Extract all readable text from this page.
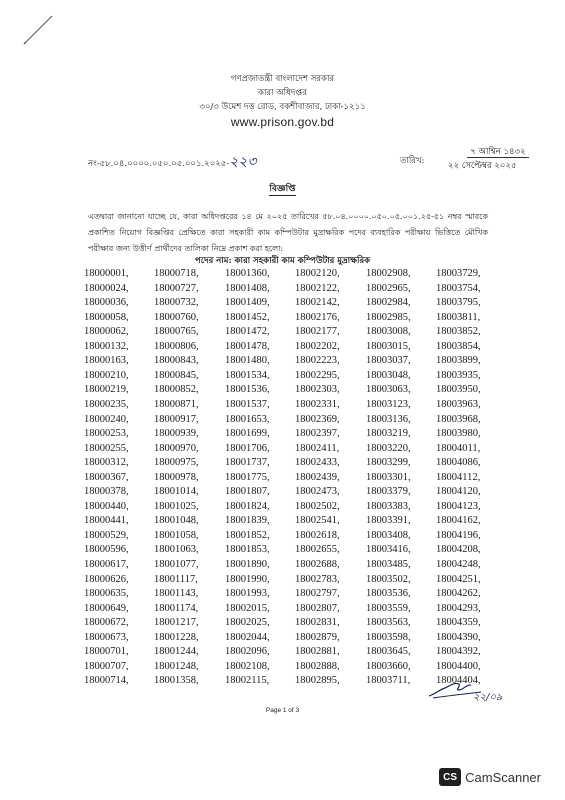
গণপ্রজাতন্ত্রী বাংলাদেশ সরকার
কারা অধিদপ্তর
৩০/৩ উমেশ দত্ত রোড, বকশীবাজার, ঢাকা-১২১১
www.prison.gov.bd
নং-৫৮.০৪.০০০০.০৫০.০৫.০০১.২০২৫-২২৩	তারিখ:
৭ আশ্বিন ১৪৩২
২২ সেপ্টেম্বর ২০২৫
বিজ্ঞপ্তি
এতদ্বারা জানানো যাচ্ছে যে, কারা অধিদপ্তরের ১৪ মে ২০২৫ তারিখের ৫৮.০৪.০০০০.০৫০.০৫.০০১.২৫-৫১ নম্বর স্মারকে প্রকাশিত নিয়োগ বিজ্ঞপ্তির প্রেক্ষিতে কারা সহকারী কাম কম্পিউটার মুদ্রাক্ষরিক পদের ব্যবহারিক পরীক্ষায় ভিত্তিতে মৌখিক পরীক্ষার জন্য উত্তীর্ণ প্রার্থীদের তালিকা নিম্নে প্রকাশ করা হলো:
পদের নাম: কারা সহকারী কাম কম্পিউটার মুদ্রাক্ষরিক
18000001,
18000024,
18000036,
18000058,
18000062,
18000132,
18000163,
18000210,
18000219,
18000235,
18000240,
18000253,
18000255,
18000312,
18000367,
18000378,
18000440,
18000441,
18000529,
18000596,
18000617,
18000626,
18000635,
18000649,
18000672,
18000673,
18000701,
18000707,
18000714,
18000718,
18000727,
18000732,
18000760,
18000765,
18000806,
18000843,
18000845,
18000852,
18000871,
18000917,
18000939,
18000970,
18000975,
18000978,
18001014,
18001025,
18001048,
18001058,
18001063,
18001077,
18001117,
18001143,
18001174,
18001217,
18001228,
18001244,
18001248,
18001358,
18001360,
18001408,
18001409,
18001452,
18001472,
18001478,
18001480,
18001534,
18001536,
18001537,
18001653,
18001699,
18001706,
18001737,
18001775,
18001807,
18001824,
18001839,
18001852,
18001853,
18001890,
18001990,
18001993,
18002015,
18002025,
18002044,
18002096,
18002108,
18002115,
18002120,
18002122,
18002142,
18002176,
18002177,
18002202,
18002223,
18002295,
18002303,
18002331,
18002369,
18002397,
18002411,
18002433,
18002439,
18002473,
18002502,
18002541,
18002618,
18002655,
18002688,
18002783,
18002797,
18002807,
18002831,
18002879,
18002881,
18002888,
18002895,
18002908,
18002965,
18002984,
18002985,
18003008,
18003015,
18003037,
18003048,
18003063,
18003123,
18003136,
18003219,
18003220,
18003299,
18003301,
18003379,
18003383,
18003391,
18003408,
18003416,
18003485,
18003502,
18003536,
18003559,
18003563,
18003598,
18003645,
18003660,
18003711,
18003729,
18003754,
18003795,
18003811,
18003852,
18003854,
18003899,
18003935,
18003950,
18003963,
18003968,
18003980,
18004011,
18004086,
18004112,
18004120,
18004123,
18004162,
18004196,
18004208,
18004248,
18004251,
18004262,
18004293,
18004359,
18004390,
18004392,
18004400,
18004404,
২২/০৯
Page 1 of 3
CS CamScanner
